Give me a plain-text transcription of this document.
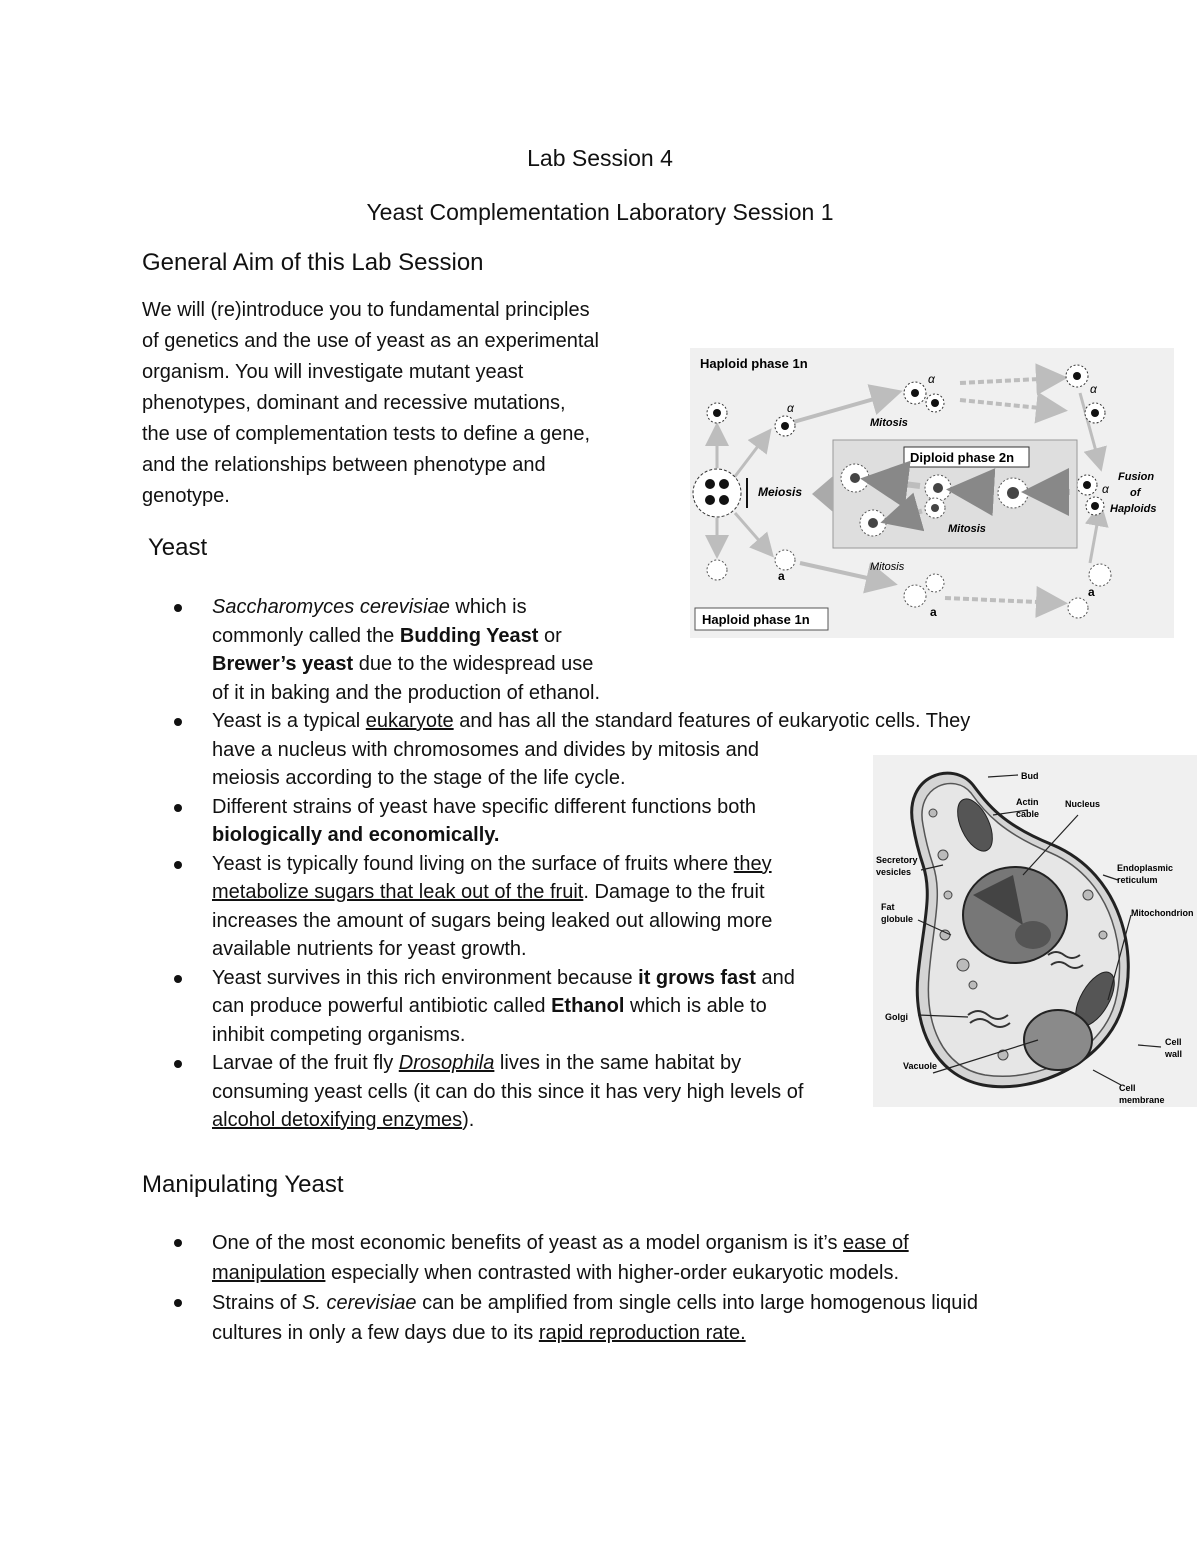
Lab Session 4
Yeast Complementation Laboratory Session 1
General Aim of this Lab Session
We will (re)introduce you to fundamental principles
of genetics and the use of yeast as an experimental
organism. You will investigate mutant yeast
phenotypes, dominant and recessive mutations,
the use of complementation tests to define a gene,
and the relationships between phenotype and
genotype.
Yeast
Saccharomyces cerevisiae which is
commonly called the Budding Yeast or
Brewer’s yeast due to the widespread use
of it in baking and the production of ethanol.
Yeast is a typical eukaryote and has all the standard features of eukaryotic cells. They
have a nucleus with chromosomes and divides by mitosis and
meiosis according to the stage of the life cycle.
Different strains of yeast have specific different functions both
biologically and economically.
Yeast is typically found living on the surface of fruits where they
metabolize sugars that leak out of the fruit. Damage to the fruit
increases the amount of sugars being leaked out allowing more
available nutrients for yeast growth.
Yeast survives in this rich environment because it grows fast and
can produce powerful antibiotic called Ethanol which is able to
inhibit competing organisms.
Larvae of the fruit fly Drosophila lives in the same habitat by
consuming yeast cells (it can do this since it has very high levels of
alcohol detoxifying enzymes).
Manipulating Yeast
One of the most economic benefits of yeast as a model organism is it’s ease of
manipulation especially when contrasted with higher-order eukaryotic models.
Strains of S. cerevisiae can be amplified from single cells into large homogenous liquid
cultures in only a few days due to its rapid reproduction rate.
Haploid phase 1n
α
α
α
α
a
a
a
Mitosis
Mitosis
Meiosis
Diploid phase 2n
Mitosis
Fusion
of
Haploids
Haploid phase 1n
Bud
Actin
cable
Nucleus
Secretory
vesicles	Endoplasmic
reticulum
Fat
globule
Mitochondrion
Golgi
Vacuole
Cell
wall
Cell
membrane
